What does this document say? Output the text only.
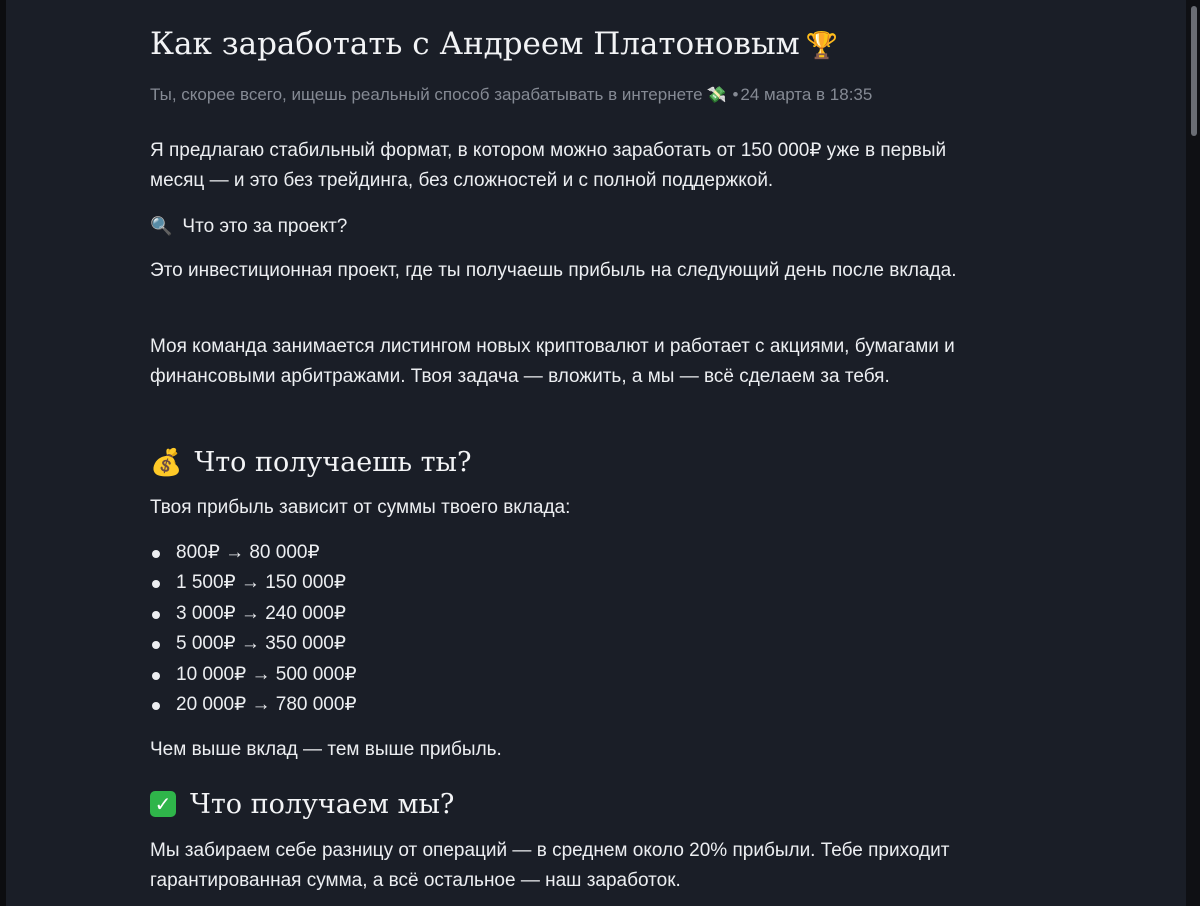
Как заработать с Андреем Платоновым 🏆
Ты, скорее всего, ищешь реальный способ зарабатывать в интернете 💸 • 24 марта в 18:35
Я предлагаю стабильный формат, в котором можно заработать от 150 000₽ уже в первый месяц — и это без трейдинга, без сложностей и с полной поддержкой.
🔍 Что это за проект?
Это инвестиционная проект, где ты получаешь прибыль на следующий день после вклада.
Моя команда занимается листингом новых криптовалют и работает с акциями, бумагами и финансовыми арбитражами. Твоя задача — вложить, а мы — всё сделаем за тебя.
💰 Что получаешь ты?
Твоя прибыль зависит от суммы твоего вклада:
800₽ → 80 000₽
1 500₽ → 150 000₽
3 000₽ → 240 000₽
5 000₽ → 350 000₽
10 000₽ → 500 000₽
20 000₽ → 780 000₽
Чем выше вклад — тем выше прибыль.
✓ Что получаем мы?
Мы забираем себе разницу от операций — в среднем около 20% прибыли. Тебе приходит гарантированная сумма, а всё остальное — наш заработок.
